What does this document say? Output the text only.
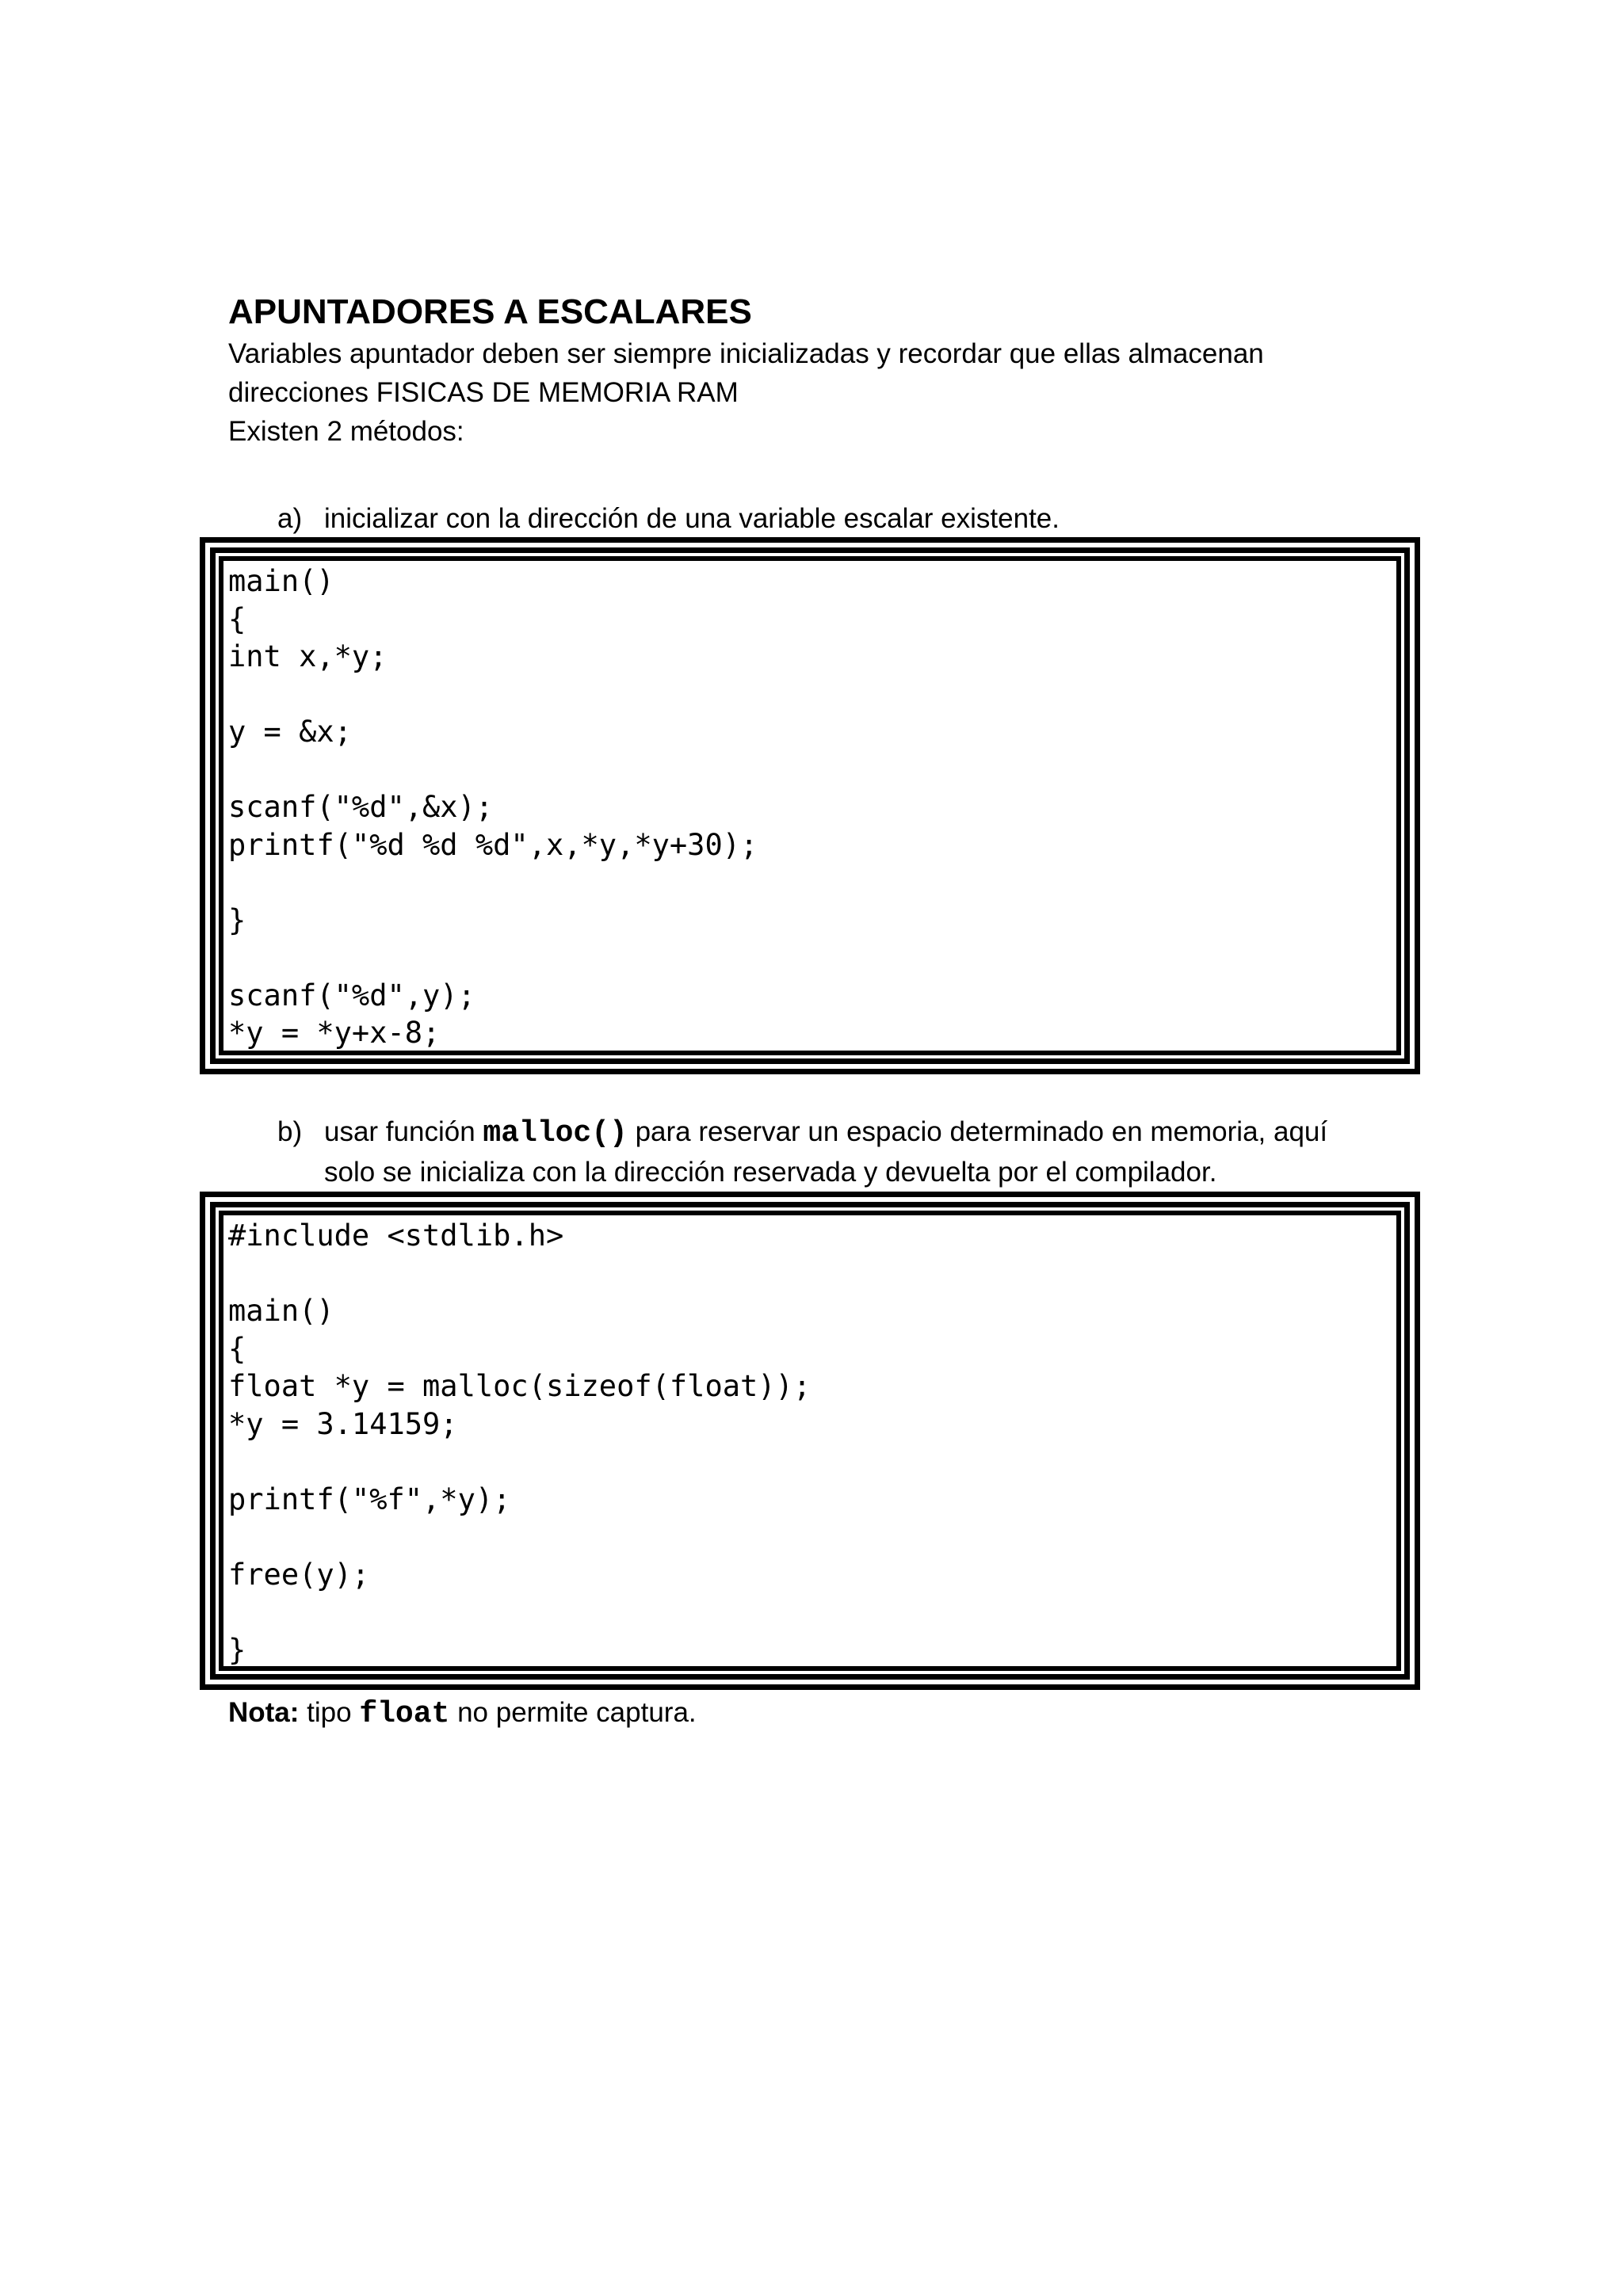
APUNTADORES A ESCALARES

Variables apuntador deben ser siempre inicializadas y recordar que ellas almacenan

direcciones FISICAS DE MEMORIA RAM

Existen 2 métodos:

a) inicializar con la dirección de una variable escalar existente.

main()
{
int x,*y;
y = &x;
scanf("%d",&x);
printf("%d %d %d",x,*y,*y+30);
}
scanf("%d",y);
*y = *y+x-8;

b) usar función malloc() para reservar un espacio determinado en memoria, aquí
solo se inicializa con la dirección reservada y devuelta por el compilador.

#include <stdlib.h>
main()
{
float *y = malloc(sizeof(float));
*y = 3.14159;
printf("%f",*y);
free(y);
}

Nota: tipo float no permite captura.
